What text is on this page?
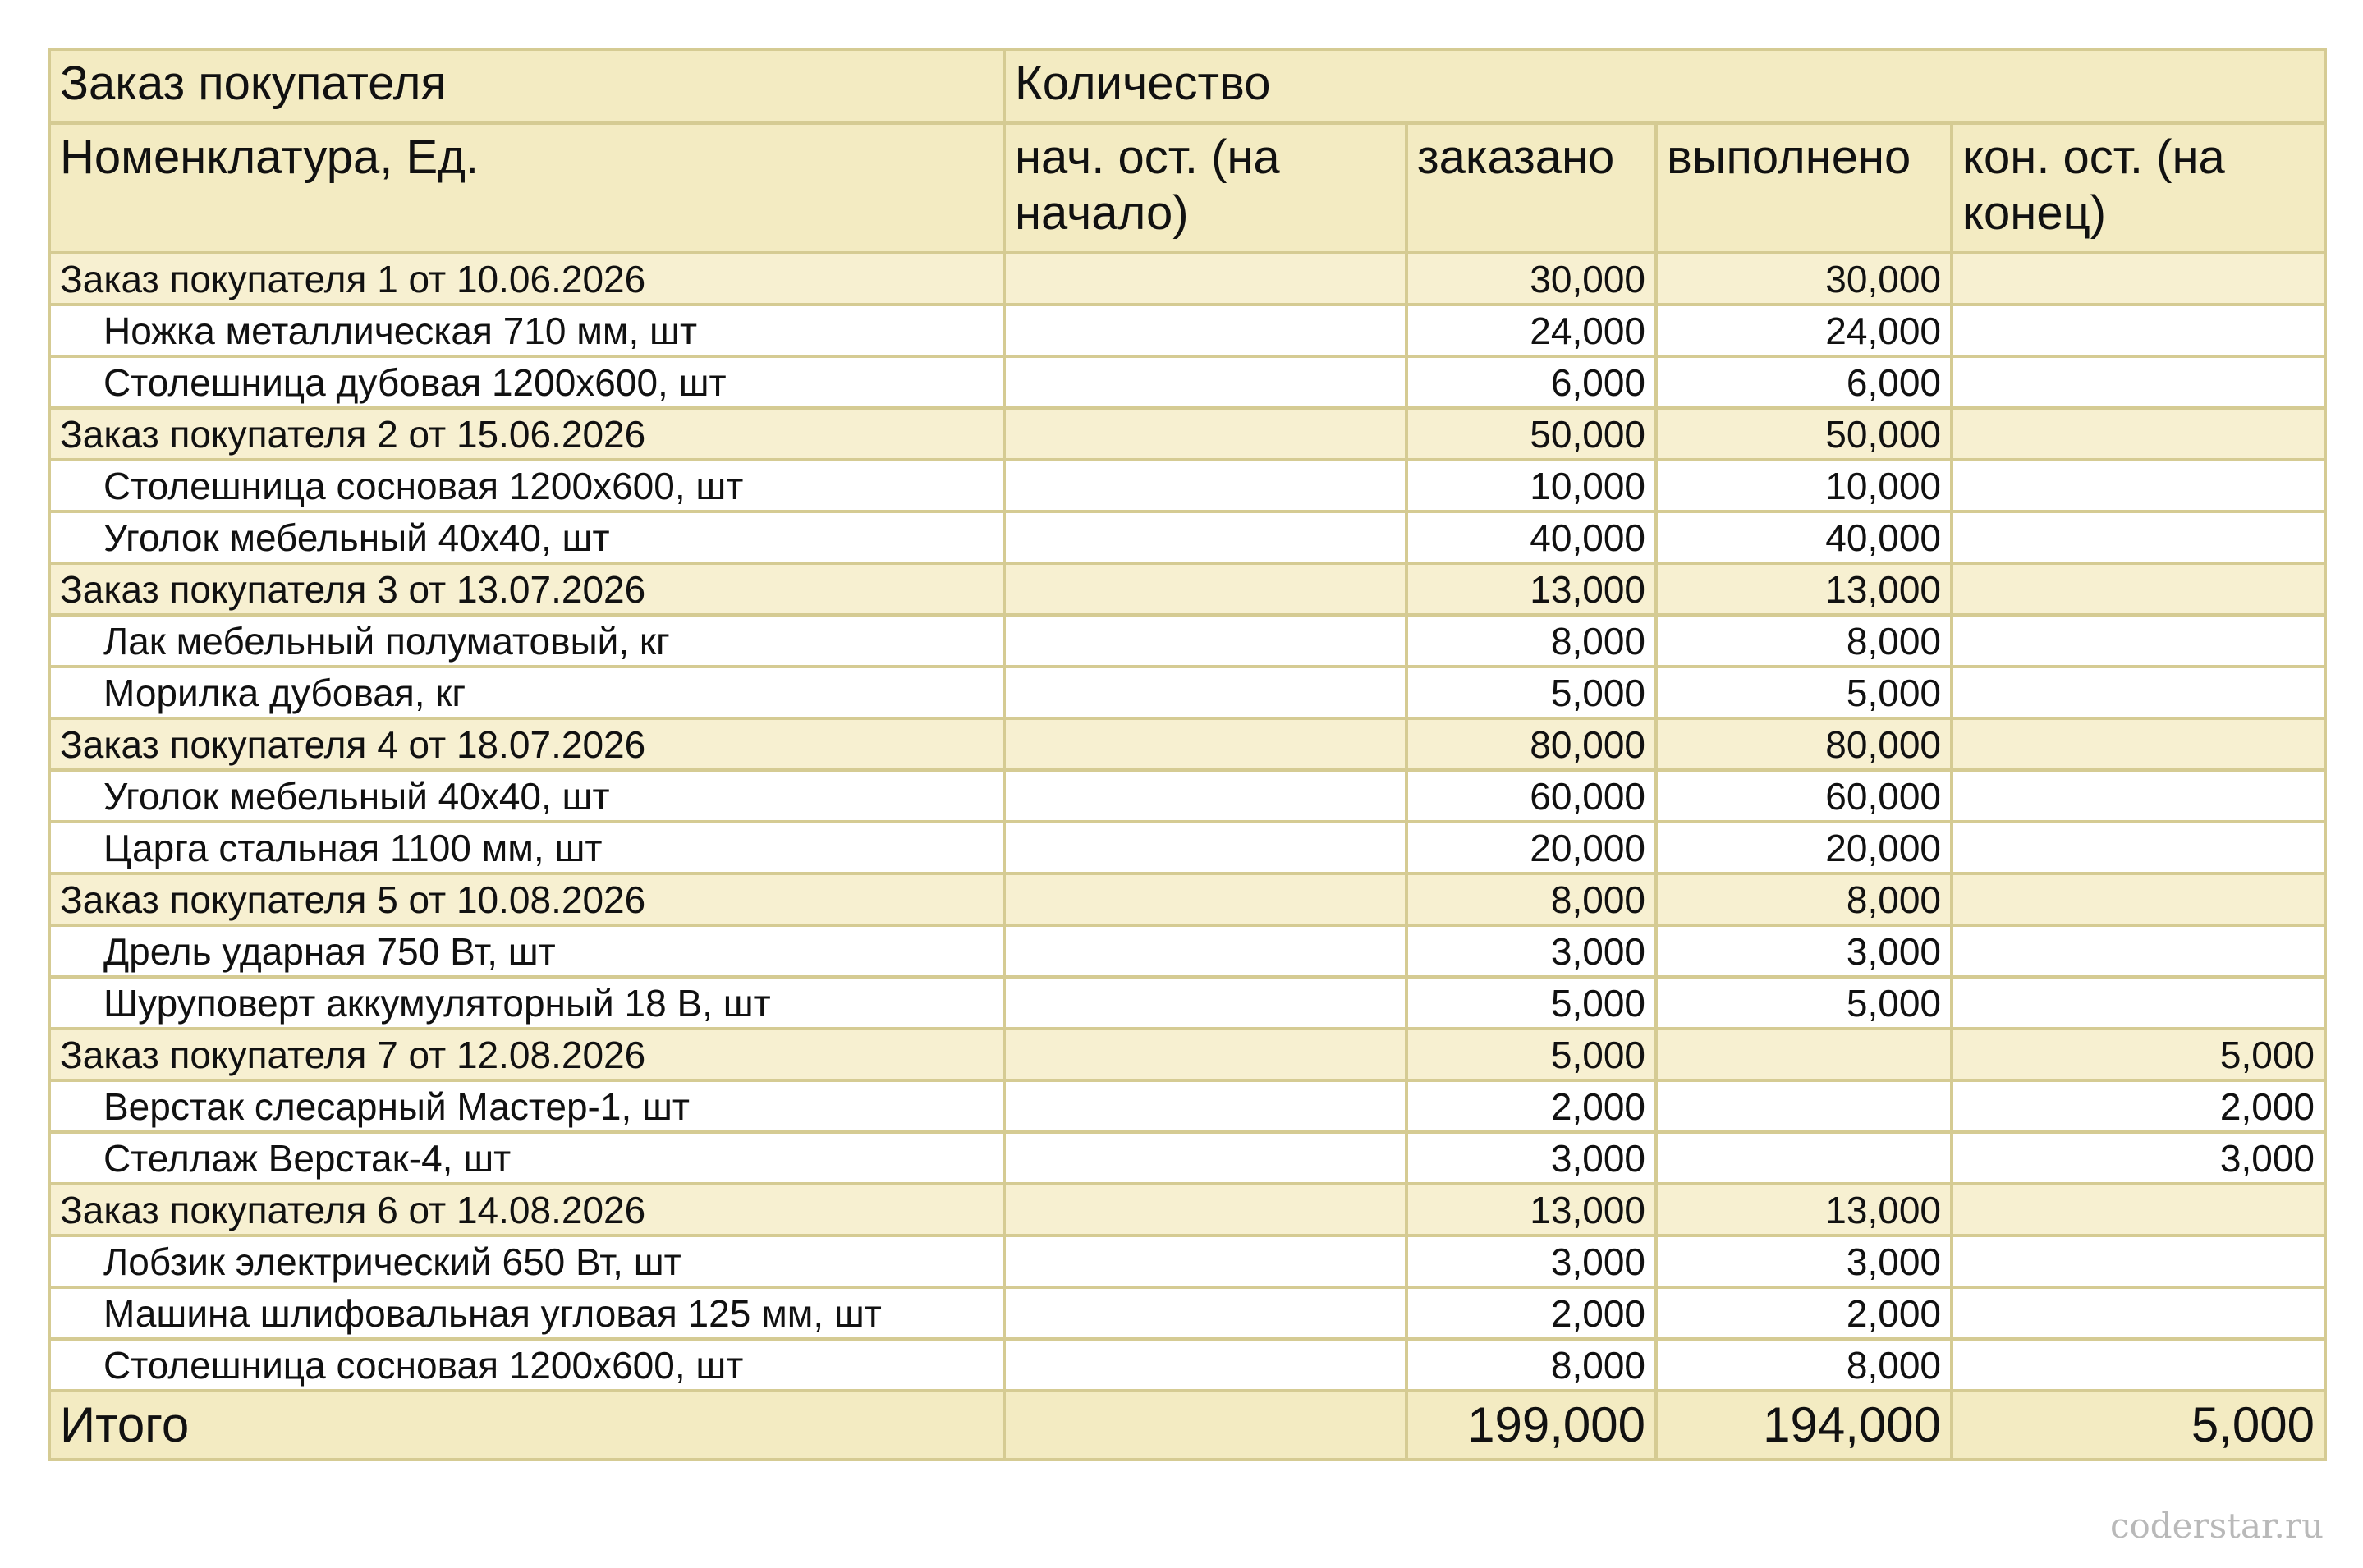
Заказ покупателя	Количество			
Номенклатура, Ед.	нач. ост. (на начало)	заказано	выполнено	кон. ост. (на конец)
Заказ покупателя 1 от 10.06.2026		30,000	30,000	
Ножка металлическая 710 мм, шт		24,000	24,000	
Столешница дубовая 1200х600, шт		6,000	6,000	
Заказ покупателя 2 от 15.06.2026		50,000	50,000	
Столешница сосновая 1200х600, шт		10,000	10,000	
Уголок мебельный 40х40, шт		40,000	40,000	
Заказ покупателя 3 от 13.07.2026		13,000	13,000	
Лак мебельный полуматовый, кг		8,000	8,000	
Морилка дубовая, кг		5,000	5,000	
Заказ покупателя 4 от 18.07.2026		80,000	80,000	
Уголок мебельный 40х40, шт		60,000	60,000	
Царга стальная 1100 мм, шт		20,000	20,000	
Заказ покупателя 5 от 10.08.2026		8,000	8,000	
Дрель ударная 750 Вт, шт		3,000	3,000	
Шуруповерт аккумуляторный 18 В, шт		5,000	5,000	
Заказ покупателя 7 от 12.08.2026		5,000		5,000
Верстак слесарный Мастер-1, шт		2,000		2,000
Стеллаж Верстак-4, шт		3,000		3,000
Заказ покупателя 6 от 14.08.2026		13,000	13,000	
Лобзик электрический 650 Вт, шт		3,000	3,000	
Машина шлифовальная угловая 125 мм, шт		2,000	2,000	
Столешница сосновая 1200х600, шт		8,000	8,000	
Итого		199,000	194,000	5,000
coderstar.ru
